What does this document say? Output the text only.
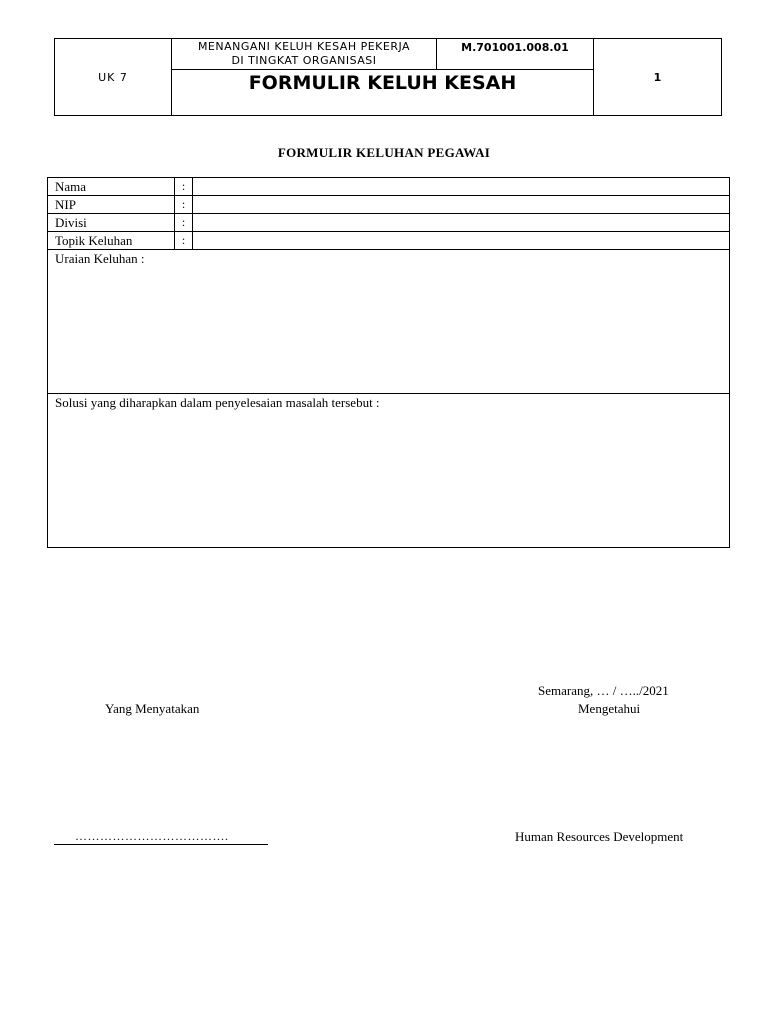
UK 7
MENANGANI KELUH KESAH PEKERJA
DI TINGKAT ORGANISASI
M.701001.008.01
FORMULIR KELUH KESAH	1
FORMULIR KELUHAN PEGAWAI
Nama	:
NIP	:
Divisi	:
Topik Keluhan	:
Uraian Keluhan :
Solusi yang diharapkan dalam penyelesaian masalah tersebut :
Semarang, … / …../2021
Yang Menyatakan	Mengetahui
……………………………….	Human Resources Development
